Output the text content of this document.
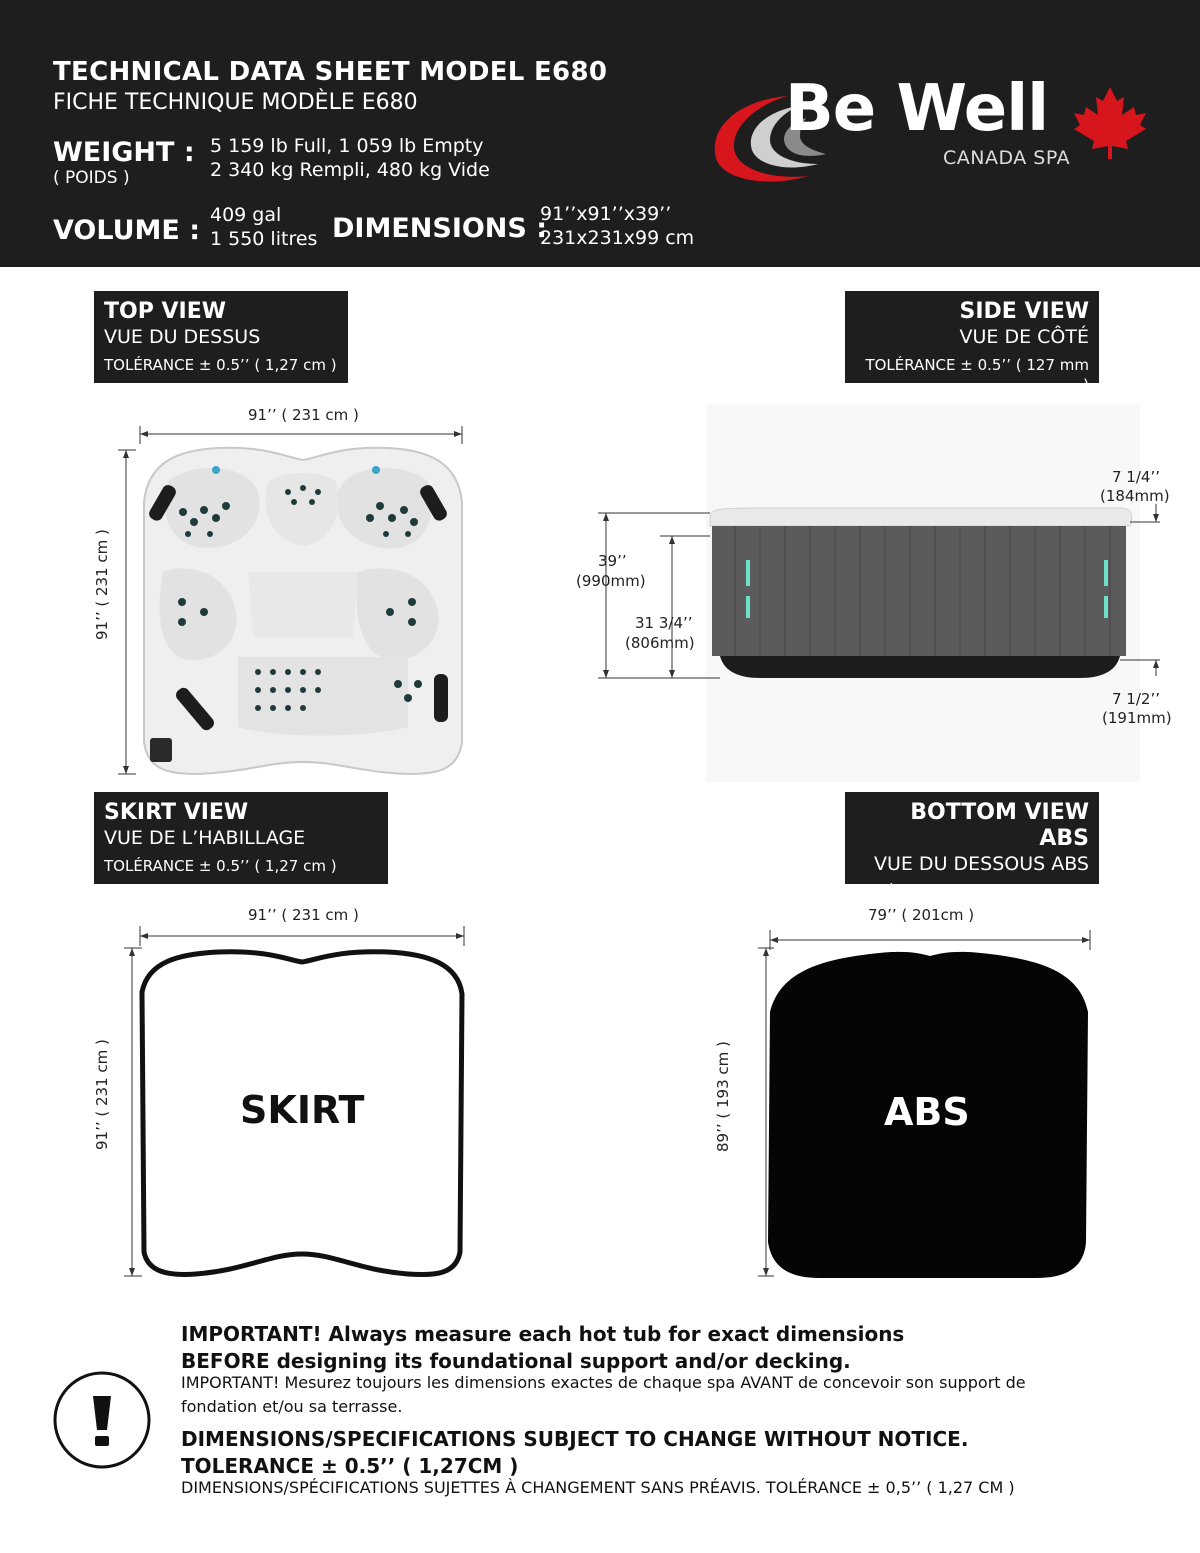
TECHNICAL DATA SHEET MODEL E680
FICHE TECHNIQUE MODÈLE E680
WEIGHT :
( POIDS )
5 159 lb Full, 1 059 lb Empty
2 340 kg Rempli, 480 kg Vide
VOLUME : 409 gal
1 550 litres DIMENSIONS :
91’’x91’’x39’’
231x231x99 cm
Be Well
CANADA SPA
TOP VIEW
VUE DU DESSUS
TOLÉRANCE ± 0.5’’ ( 1,27 cm )
SIDE VIEW
VUE DE CÔTÉ
TOLÉRANCE ± 0.5’’ ( 127 mm )
91’’ ( 231 cm )
91’’ ( 231 cm )	39’’
(990mm)
31 3/4’’
(806mm)
7 1/4’’
(184mm)
7 1/2’’
(191mm)
SKIRT VIEW
VUE DE L’HABILLAGE
TOLÉRANCE ± 0.5’’ ( 1,27 cm )
BOTTOM VIEW ABS
VUE DU DESSOUS ABS
TOLÉRANCE ± 0.5’’ ( 1,27 cm )
91’’ ( 231 cm )
91’’ ( 231 cm )	SKIRT
79’’ ( 201cm )
89’’ ( 193 cm )	ABS
IMPORTANT! Always measure each hot tub for exact dimensions
BEFORE designing its foundational support and/or decking.
IMPORTANT! Mesurez toujours les dimensions exactes de chaque spa AVANT de concevoir son support de
fondation et/ou sa terrasse.
DIMENSIONS/SPECIFICATIONS SUBJECT TO CHANGE WITHOUT NOTICE.
TOLERANCE ± 0.5’’ ( 1,27CM )
DIMENSIONS/SPÉCIFICATIONS SUJETTES À CHANGEMENT SANS PRÉAVIS. TOLÉRANCE ± 0,5’’ ( 1,27 CM )
